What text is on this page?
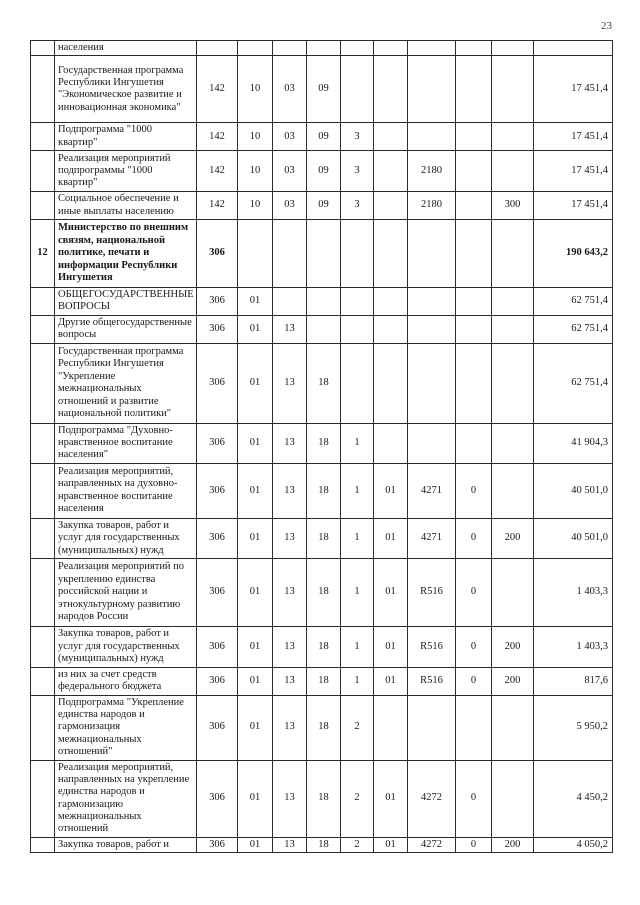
23
	населения										
	Государственная программа Республики Ингушетия "Экономическое развитие и инновационная экономика"	142	10	03	09						17 451,4
	Подпрограмма "1000 квартир"	142	10	03	09	3					17 451,4
	Реализация мероприятий подпрограммы "1000 квартир"	142	10	03	09	3		2180			17 451,4
	Социальное обеспечение и иные выплаты населению	142	10	03	09	3		2180		300	17 451,4
12	Министерство по внешним связям, национальной политике, печати и информации Республики Ингушетия	306									190 643,2
	ОБЩЕГОСУДАРСТВЕННЫЕ ВОПРОСЫ	306	01								62 751,4
	Другие общегосударственные вопросы	306	01	13							62 751,4
	Государственная программа Республики Ингушетия "Укрепление межнациональных отношений и развитие национальной политики"	306	01	13	18						62 751,4
	Подпрограмма "Духовно-нравственное воспитание населения"	306	01	13	18	1					41 904,3
	Реализация мероприятий, направленных на духовно-нравственное воспитание населения	306	01	13	18	1	01	4271	0		40 501,0
	Закупка товаров, работ и услуг для государственных (муниципальных) нужд	306	01	13	18	1	01	4271	0	200	40 501,0
	Реализация мероприятий по укреплению единства российской нации и этнокультурному развитию народов России	306	01	13	18	1	01	R516	0		1 403,3
	Закупка товаров, работ и услуг для государственных (муниципальных) нужд	306	01	13	18	1	01	R516	0	200	1 403,3
	из них за счет средств федерального бюджета	306	01	13	18	1	01	R516	0	200	817,6
	Подпрограмма "Укрепление единства народов и гармонизация межнациональных отношений"	306	01	13	18	2					5 950,2
	Реализация мероприятий, направленных на укрепление единства народов и гармонизацию межнациональных отношений	306	01	13	18	2	01	4272	0		4 450,2
	Закупка товаров, работ и	306	01	13	18	2	01	4272	0	200	4 050,2
